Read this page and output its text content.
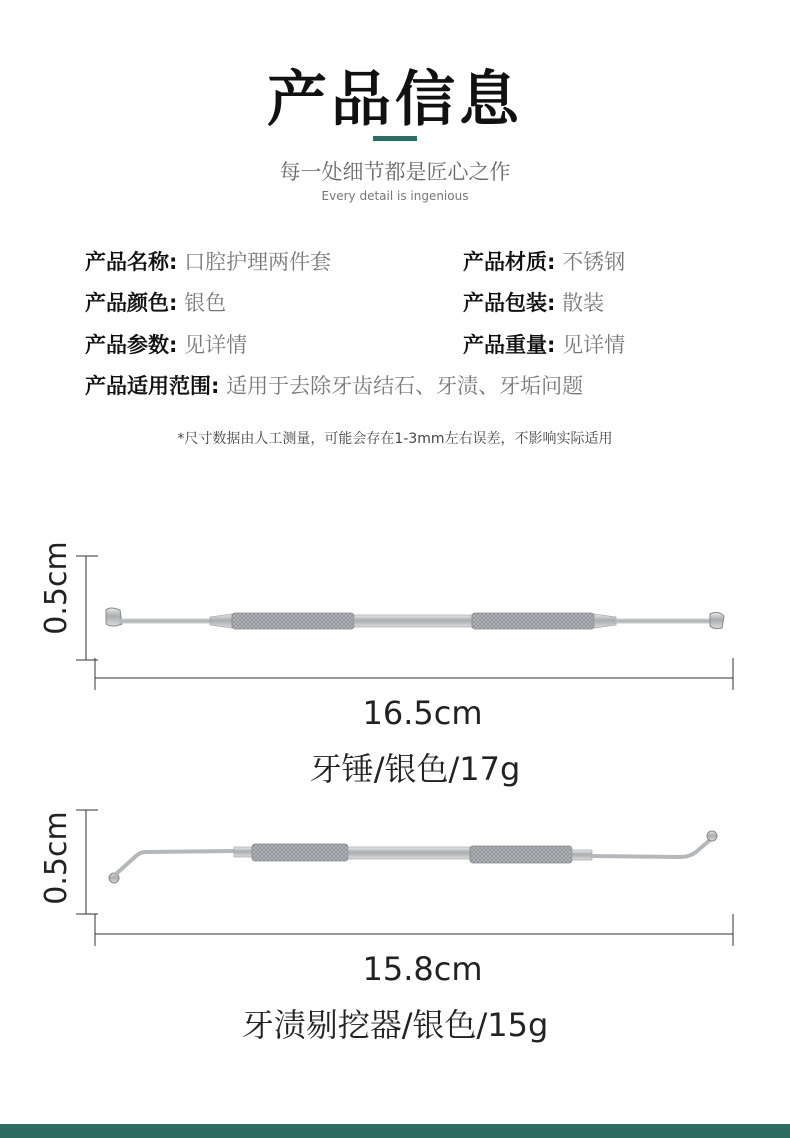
产品信息
每一处细节都是匠心之作
Every detail is ingenious
产品名称: 口腔护理两件套	产品材质: 不锈钢
产品颜色: 银色	产品包装: 散装
产品参数: 见详情	产品重量: 见详情
产品适用范围: 适用于去除牙齿结石、牙渍、牙垢问题
*尺寸数据由人工测量，可能会存在1-3mm左右误差，不影响实际适用
0.5cm
16.5cm
牙锤/银色/17g
0.5cm
15.8cm
牙渍剔挖器/银色/15g
